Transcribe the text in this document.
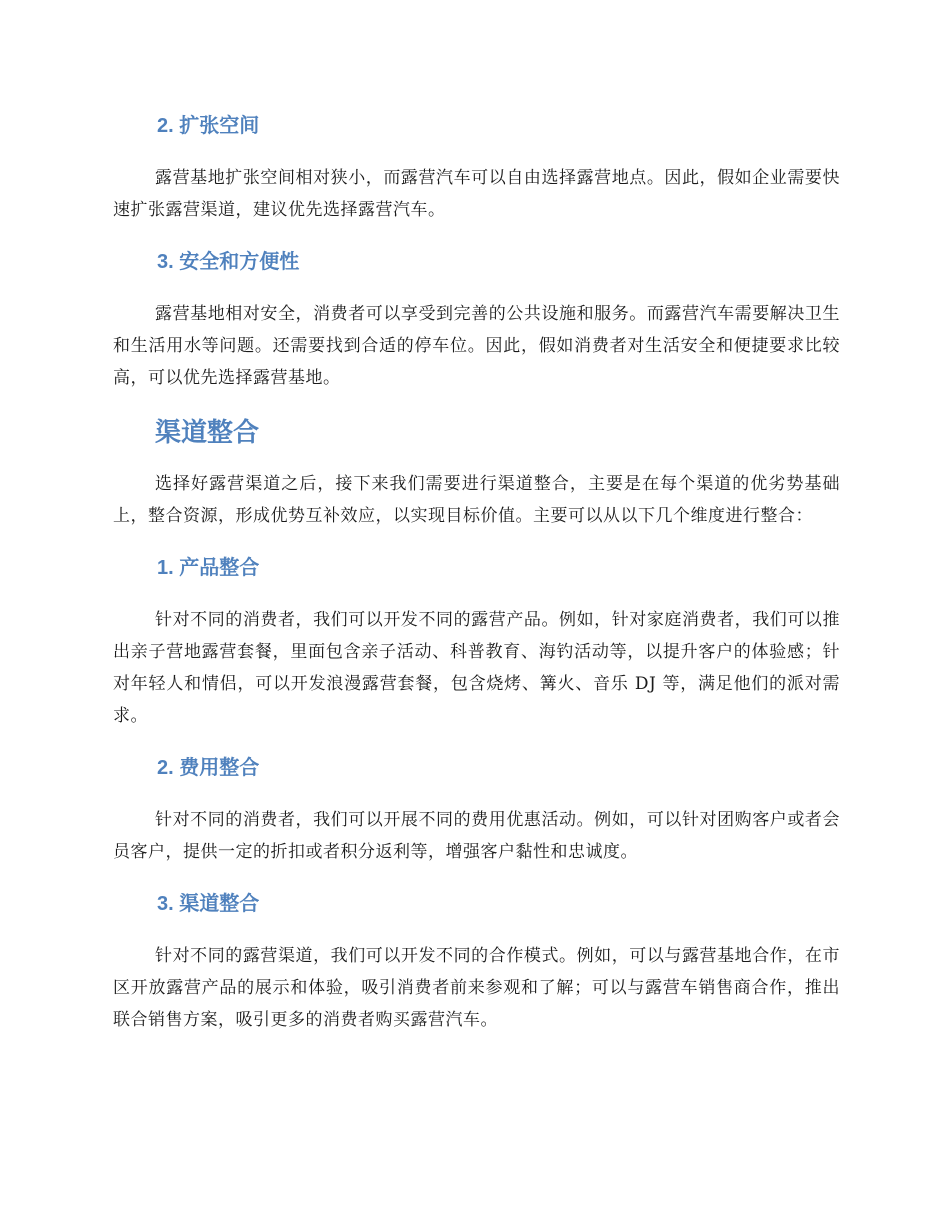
2. 扩张空间

露营基地扩张空间相对狭小，而露营汽车可以自由选择露营地点。因此，假如企业需要快速扩张露营渠道，建议优先选择露营汽车。

3. 安全和方便性

露营基地相对安全，消费者可以享受到完善的公共设施和服务。而露营汽车需要解决卫生和生活用水等问题。还需要找到合适的停车位。因此，假如消费者对生活安全和便捷要求比较高，可以优先选择露营基地。

渠道整合

选择好露营渠道之后，接下来我们需要进行渠道整合，主要是在每个渠道的优劣势基础上，整合资源，形成优势互补效应，以实现目标价值。主要可以从以下几个维度进行整合：

1. 产品整合

针对不同的消费者，我们可以开发不同的露营产品。例如，针对家庭消费者，我们可以推出亲子营地露营套餐，里面包含亲子活动、科普教育、海钓活动等，以提升客户的体验感；针对年轻人和情侣，可以开发浪漫露营套餐，包含烧烤、篝火、音乐 DJ 等，满足他们的派对需求。

2. 费用整合

针对不同的消费者，我们可以开展不同的费用优惠活动。例如，可以针对团购客户或者会员客户，提供一定的折扣或者积分返利等，增强客户黏性和忠诚度。

3. 渠道整合

针对不同的露营渠道，我们可以开发不同的合作模式。例如，可以与露营基地合作，在市区开放露营产品的展示和体验，吸引消费者前来参观和了解；可以与露营车销售商合作，推出联合销售方案，吸引更多的消费者购买露营汽车。
